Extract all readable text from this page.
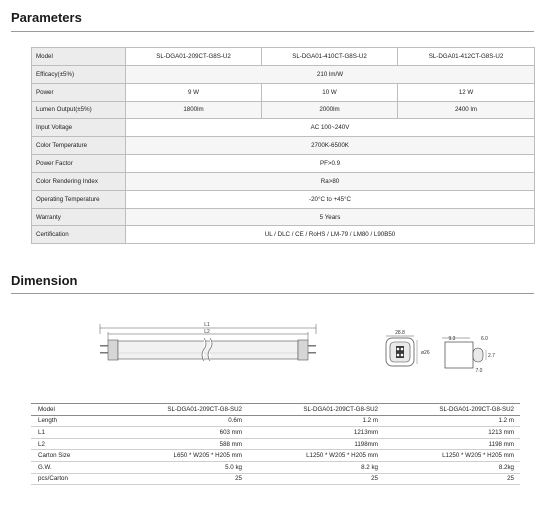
Parameters
Model	SL-DGA01-209CT-G8S-U2	SL-DGA01-410CT-G8S-U2	SL-DGA01-412CT-G8S-U2
Efficacy(±5%)	210 lm/W		
Power	9 W	10 W	12 W
Lumen Output(±5%)	1800lm	2000lm	2400 lm
Input Voltage	AC 100~240V		
Color Temperature	2700K-6500K		
Power Factor	PF>0.9		
Color Rendering Index	Ra>80		
Operating Temperature	-20°C to +45°C		
Warranty	5 Years		
Certification	UL / DLC / CE / RoHS / LM-79 / LM80 / L90B50		
Dimension
L1
L2	28.8
ø26
9.3	6.0
2.7
7.0
Model	SL-DGA01-209CT-G8-SU2	SL-DGA01-209CT-G8-SU2	SL-DGA01-209CT-G8-SU2
Length	0.6m	1.2 m	1.2 m
L1	603 mm	1213mm	1213 mm
L2	588 mm	1198mm	1198 mm
Carton Size	L650 * W205 * H205 mm	L1250 * W205 * H205 mm	L1250 * W205 * H205 mm
G.W.	5.0 kg	8.2 kg	8.2kg
pcs/Carton	25	25	25
